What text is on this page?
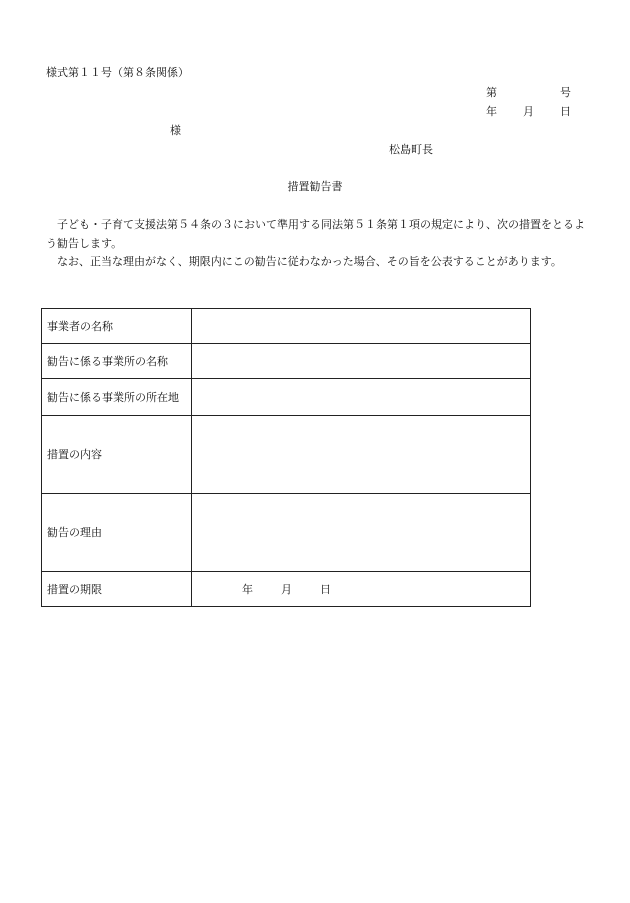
様式第１１号（第８条関係）
第	号
年 月 日
様
松島町長
措置勧告書

子ども・子育て支援法第５４条の３において準用する同法第５１条第１項の規定により、次の措置をとるよう勧告します。

なお、正当な理由がなく、期限内にこの勧告に従わなかった場合、その旨を公表することがあります。

事業者の名称	
勧告に係る事業所の名称	
勧告に係る事業所の所在地	
措置の内容	
勧告の理由	
措置の期限	年 月 日
